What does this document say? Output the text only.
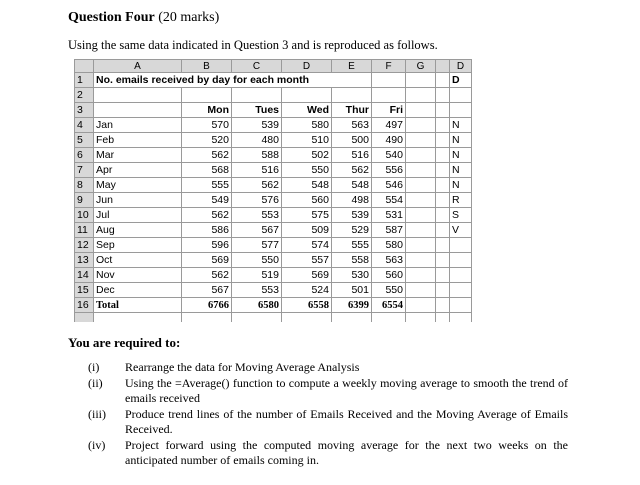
Question Four (20 marks)
Using the same data indicated in Question 3 and is reproduced as follows.
	A	B	C	D	E	F	G		D
1	No. emails received by day for each month								D
2									
3		Mon	Tues	Wed	Thur	Fri			
4	Jan	570	539	580	563	497			N
5	Feb	520	480	510	500	490			N
6	Mar	562	588	502	516	540			N
7	Apr	568	516	550	562	556			N
8	May	555	562	548	548	546			N
9	Jun	549	576	560	498	554			R
10	Jul	562	553	575	539	531			S
11	Aug	586	567	509	529	587			V
12	Sep	596	577	574	555	580			
13	Oct	569	550	557	558	563			
14	Nov	562	519	569	530	560			
15	Dec	567	553	524	501	550			
16	Total	6766	6580	6558	6399	6554			

You are required to:
(i)	Rearrange the data for Moving Average Analysis
(ii)	Using the =Average() function to compute a weekly moving average to smooth the trend of emails received
(iii)	Produce trend lines of the number of Emails Received and the Moving Average of Emails Received.
(iv)	Project forward using the computed moving average for the next two weeks on the anticipated number of emails coming in.
